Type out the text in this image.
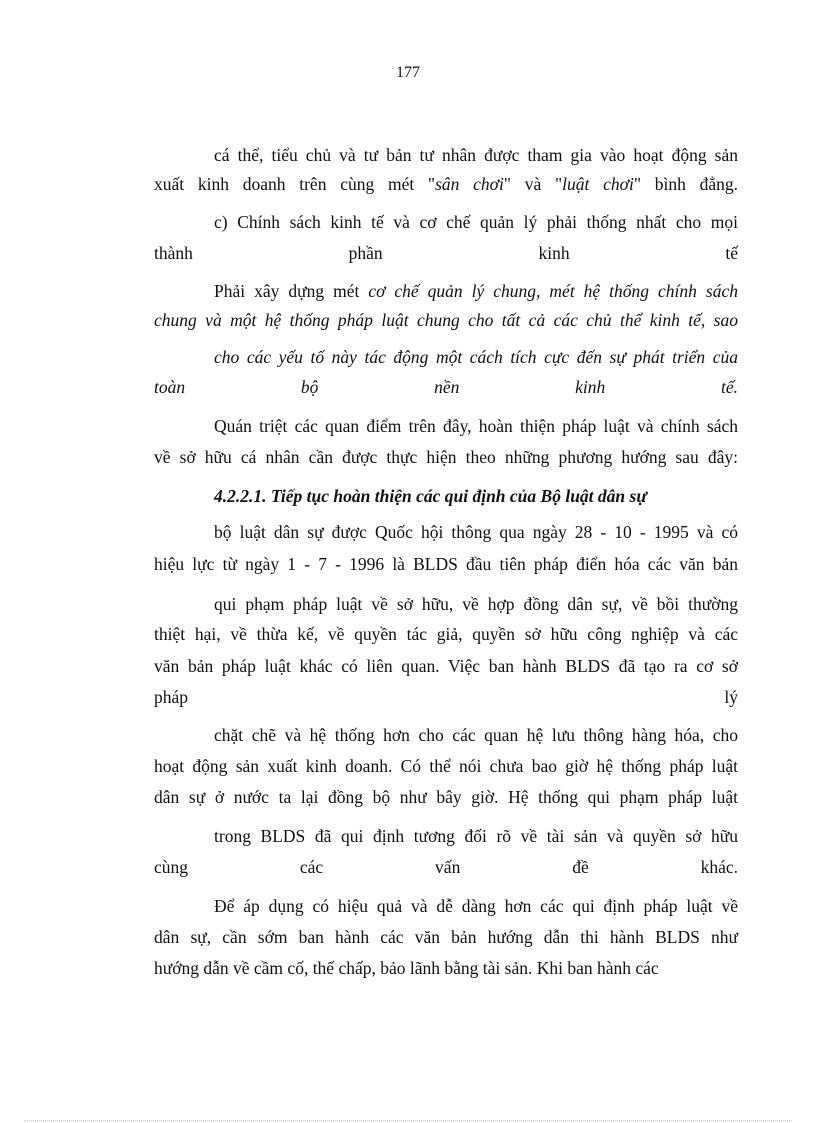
177
cá thể, tiểu chủ và tư bản tư nhân được tham gia vào hoạt động sản
xuất kinh doanh trên cùng mét "sân chơi" và "luật chơi" bình đẳng.
c) Chính sách kinh tế và cơ chế quản lý phải thống nhất cho mọi
thành phần kinh tế
Phải xây dựng mét cơ chế quản lý chung, mét hệ thống chính sách
chung và một hệ thống pháp luật chung cho tất cả các chủ thể kinh tế, sao
cho các yếu tố này tác động một cách tích cực đến sự phát triển của
toàn bộ nền kinh tế.
Quán triệt các quan điểm trên đây, hoàn thiện pháp luật và chính sách
về sở hữu cá nhân cần được thực hiện theo những phương hướng sau đây:
4.2.2.1. Tiếp tục hoàn thiện các qui định của Bộ luật dân sự
bộ luật dân sự được Quốc hội thông qua ngày 28 - 10 - 1995 và có
hiệu lực từ ngày 1 - 7 - 1996 là BLDS đầu tiên pháp điển hóa các văn bản
qui phạm pháp luật về sở hữu, về hợp đồng dân sự, về bồi thường
thiệt hại, về thừa kế, về quyền tác giả, quyền sở hữu công nghiệp và các
văn bản pháp luật khác có liên quan. Việc ban hành BLDS đã tạo ra cơ sở
pháp lý
chặt chẽ và hệ thống hơn cho các quan hệ lưu thông hàng hóa, cho
hoạt động sản xuất kinh doanh. Có thể nói chưa bao giờ hệ thống pháp luật
dân sự ở nước ta lại đồng bộ như bây giờ. Hệ thống qui phạm pháp luật
trong BLDS đã qui định tương đối rõ về tài sản và quyền sở hữu
cùng các vấn đề khác.
Để áp dụng có hiệu quả và dễ dàng hơn các qui định pháp luật về
dân sự, cần sớm ban hành các văn bản hướng dẫn thi hành BLDS như
hướng dẫn về cầm cố, thế chấp, bảo lãnh bằng tài sản. Khi ban hành các
